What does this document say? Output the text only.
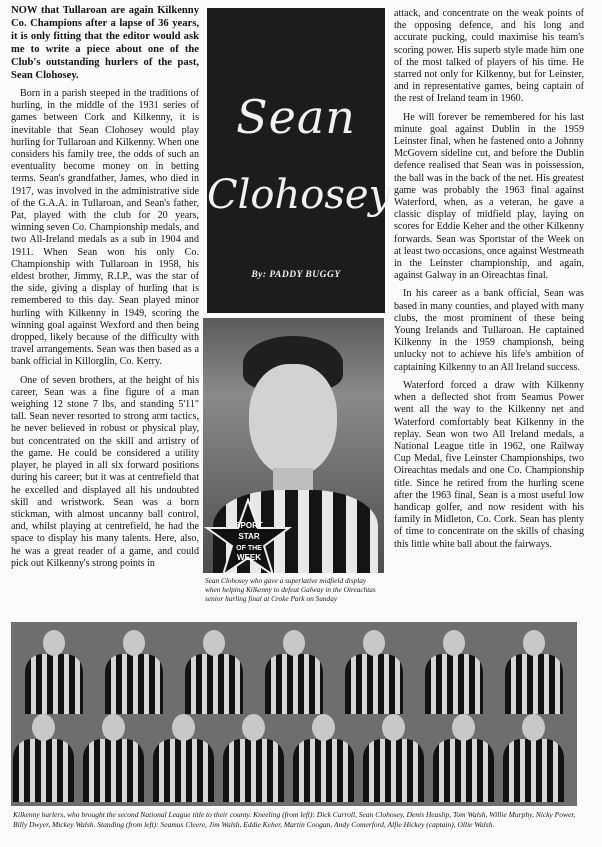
NOW that Tullaroan are again Kilkenny Co. Champions after a lapse of 36 years, it is only fitting that the editor would ask me to write a piece about one of the Club's outstanding hurlers of the past, Sean Clohosey.

Born in a parish steeped in the traditions of hurling, in the middle of the 1931 series of games between Cork and Kilkenny, it is inevitable that Sean Clohosey would play hurling for Tullaroan and Kilkenny. When one considers his family tree, the odds of such an eventuality become money on in betting terms. Sean's grandfather, James, who died in 1917, was involved in the administrative side of the G.A.A. in Tullaroan, and Sean's father, Pat, played with the club for 20 years, winning seven Co. Championship medals, and two All-Ireland medals as a sub in 1904 and 1911. When Sean won his only Co. Championship with Tullaroan in 1958, his eldest brother, Jimmy, R.I.P., was the star of the side, giving a display of hurling that is remembered to this day. Sean played minor hurling with Kilkenny in 1949, scoring the winning goal against Wexford and then being dropped, likely because of the difficulty with travel arrangements. Sean was then based as a bank official in Killorglin, Co. Kerry.

One of seven brothers, at the height of his career, Sean was a fine figure of a man weighing 12 stone 7 lbs, and standing 5'11" tall. Sean never resorted to strong arm tactics, he never believed in robust or physical play, but concentrated on the skill and artistry of the game. He could be considered a utility player, he played in all six forward positions during his career; but it was at centrefield that he excelled and displayed all his undoubted skill and wristwork. Sean was a born stickman, with almost uncanny ball control, and, whilst playing at centrefield, he had the space to display his many talents. Here, also, he was a great reader of a game, and could pick out Kilkenny's strong points in

Sean
Clohosey
By: PADDY BUGGY
SPORT
STAR
OF THE
WEEK
Sean Clohosey who gave a superlative midfield display when helping Kilkenny to defeat Galway in the Oireachtas senior hurling final at Croke Park on Sunday

attack, and concentrate on the weak points of the opposing defence, and his long and accurate pucking, could maximise his team's scoring power. His superb style made him one of the most talked of players of his time. He starred not only for Kilkenny, but for Leinster, and in representative games, being captain of the rest of Ireland team in 1960.

He will forever be remembered for his last minute goal against Dublin in the 1959 Leinster final, when he fastened onto a Johnny McGovern sideline cut, and before the Dublin defence realised that Sean was in poissession, the ball was in the back of the net. His greatest game was probably the 1963 final against Waterford, when, as a veteran, he gave a classic display of midfield play, laying on scores for Eddie Keher and the other Kilkenny forwards. Sean was Sportstar of the Week on at least two occasions, once against Westmeath in the Leinster championship, and again, against Galway in an Oireachtas final.

In his career as a bank official, Sean was based in many counties, and played with many clubs, the most prominent of these being Young Irelands and Tullaroan. He captained Kilkenny in the 1959 championsh, being unlucky not to achieve his life's ambition of captaining Kilkenny to an All Ireland success.

Waterford forced a draw with Kilkenny when a deflected shot from Seamus Power went all the way to the Kilkenny net and Waterford comfortably beat Kilkenny in the replay. Sean won two All Ireland medals, a National League title in 1962, one Railway Cup Medal, five Leinster Championships, two Oireachtas medals and one Co. Championship title. Since he retired from the hurling scene after the 1963 final, Sean is a most useful low handicap golfer, and now resident with his family in Midleton, Co. Cork. Sean has plenty of time to concentrate on the skills of chasing this little white ball about the fairways.

Kilkenny hurlers, who brought the second National League title to their county. Kneeling (from left): Dick Carroll, Sean Clohosey, Denis Heaslip, Tom Walsh, Willie Murphy, Nicky Power, Billy Dwyer, Mickey Walsh. Standing (from left): Seamus Cleere, Jim Walsh, Eddie Keher, Martin Coogan, Andy Comerford, Alfie Hickey (captain), Ollie Walsh.
